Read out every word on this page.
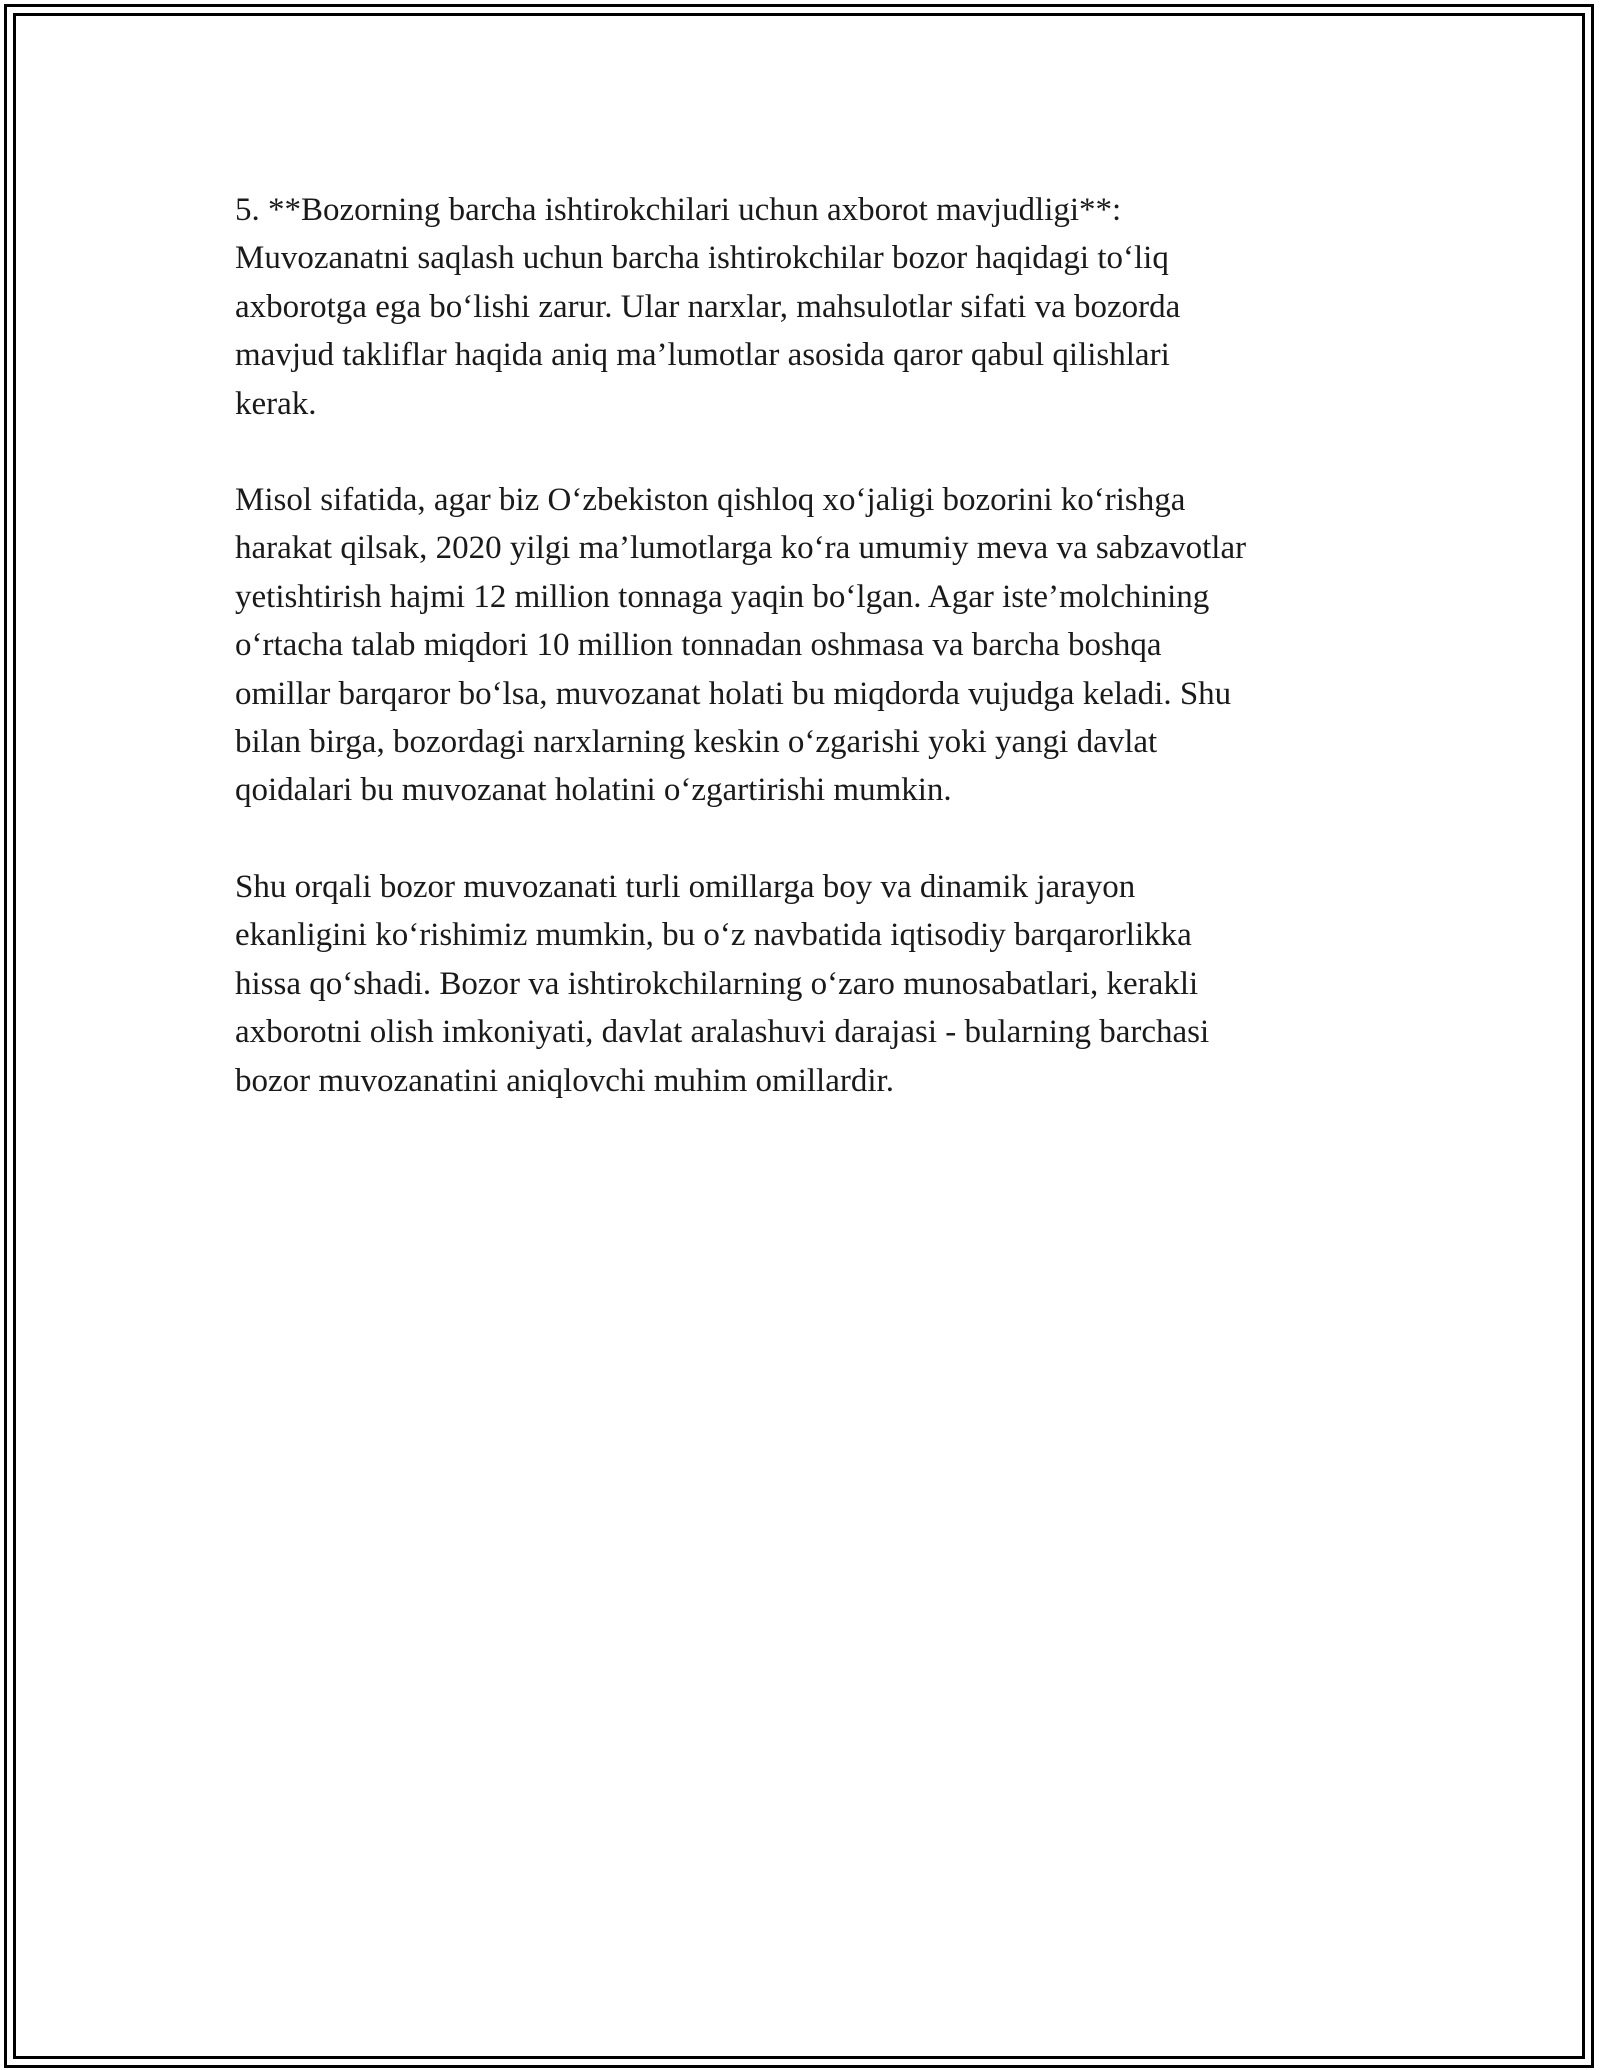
5. **Bozorning barcha ishtirokchilari uchun axborot mavjudligi**:
Muvozanatni saqlash uchun barcha ishtirokchilar bozor haqidagi to‘liq
axborotga ega bo‘lishi zarur. Ular narxlar, mahsulotlar sifati va bozorda
mavjud takliflar haqida aniq ma’lumotlar asosida qaror qabul qilishlari
kerak.

Misol sifatida, agar biz O‘zbekiston qishloq xo‘jaligi bozorini ko‘rishga
harakat qilsak, 2020 yilgi ma’lumotlarga ko‘ra umumiy meva va sabzavotlar
yetishtirish hajmi 12 million tonnaga yaqin bo‘lgan. Agar iste’molchining
o‘rtacha talab miqdori 10 million tonnadan oshmasa va barcha boshqa
omillar barqaror bo‘lsa, muvozanat holati bu miqdorda vujudga keladi. Shu
bilan birga, bozordagi narxlarning keskin o‘zgarishi yoki yangi davlat
qoidalari bu muvozanat holatini o‘zgartirishi mumkin.

Shu orqali bozor muvozanati turli omillarga boy va dinamik jarayon
ekanligini ko‘rishimiz mumkin, bu o‘z navbatida iqtisodiy barqarorlikka
hissa qo‘shadi. Bozor va ishtirokchilarning o‘zaro munosabatlari, kerakli
axborotni olish imkoniyati, davlat aralashuvi darajasi - bularning barchasi
bozor muvozanatini aniqlovchi muhim omillardir.
